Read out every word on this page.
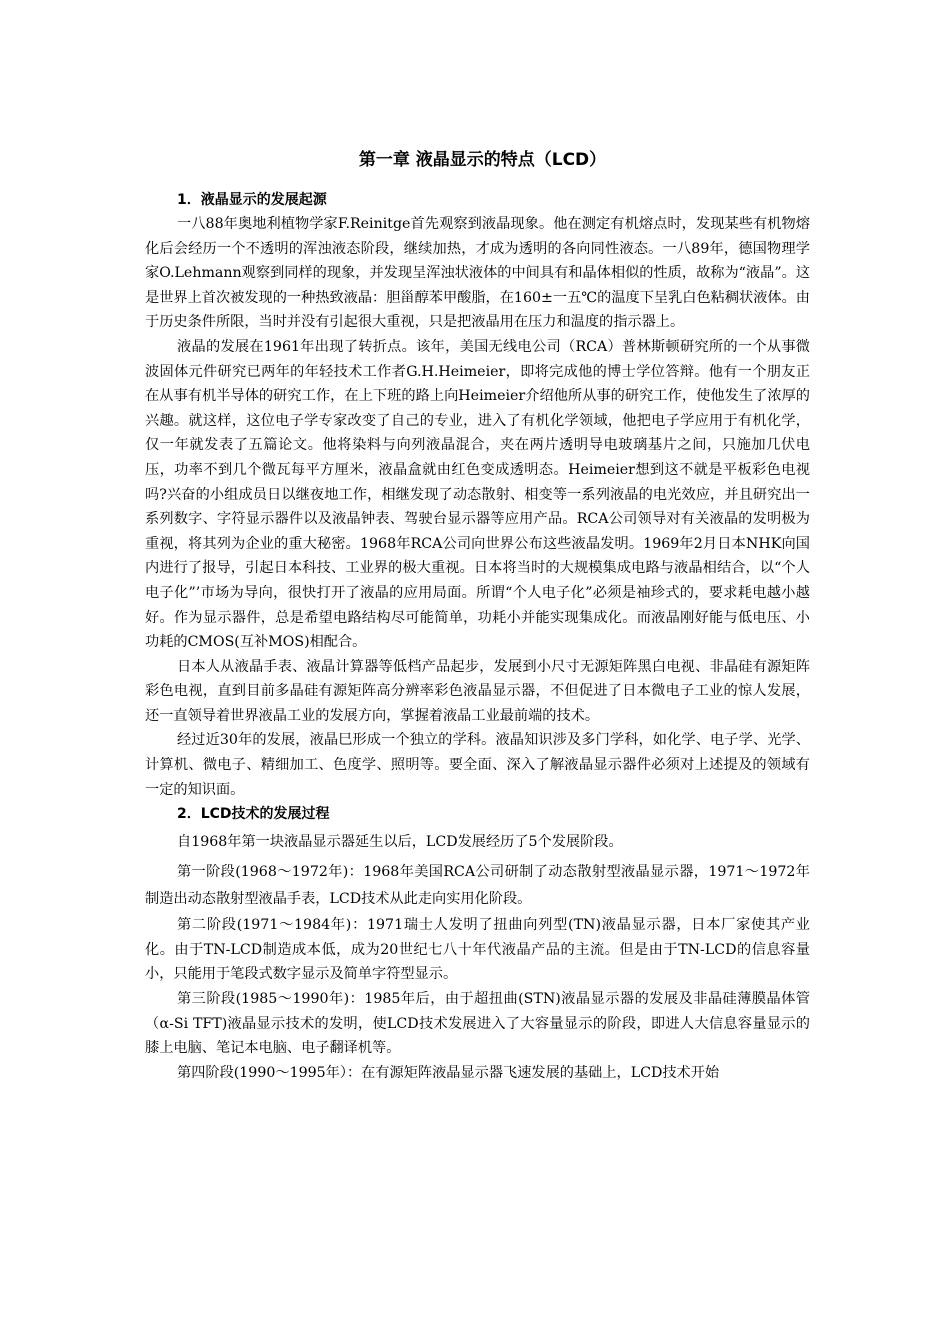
第一章 液晶显示的特点（LCD）
1．液晶显示的发展起源

一八88年奥地利植物学家F.Reinitge首先观察到液晶现象。他在测定有机熔点时，发现某些有机物熔化后会经历一个不透明的浑浊液态阶段，继续加热，才成为透明的各向同性液态。一八89年，德国物理学家O.Lehmann观察到同样的现象，并发现呈浑浊状液体的中间具有和晶体相似的性质，故称为“液晶”。这是世界上首次被发现的一种热致液晶：胆甾醇苯甲酸脂，在160±一五℃的温度下呈乳白色粘稠状液体。由于历史条件所限，当时并没有引起很大重视，只是把液晶用在压力和温度的指示器上。

液晶的发展在1961年出现了转折点。该年，美国无线电公司（RCA）普林斯顿研究所的一个从事微波固体元件研究已两年的年轻技术工作者G.H.Heimeier，即将完成他的博士学位答辩。他有一个朋友正在从事有机半导体的研究工作，在上下班的路上向Heimeier介绍他所从事的研究工作，使他发生了浓厚的兴趣。就这样，这位电子学专家改变了自己的专业，进入了有机化学领域，他把电子学应用于有机化学，仅一年就发表了五篇论文。他将染料与向列液晶混合，夹在两片透明导电玻璃基片之间，只施加几伏电压，功率不到几个微瓦每平方厘米，液晶盒就由红色变成透明态。Heimeier想到这不就是平板彩色电视吗?兴奋的小组成员日以继夜地工作，相继发现了动态散射、相变等一系列液晶的电光效应，并且研究出一系列数字、字符显示器件以及液晶钟表、驾驶台显示器等应用产品。RCA公司领导对有关液晶的发明极为重视，将其列为企业的重大秘密。1968年RCA公司向世界公布这些液晶发明。1969年2月日本NHK向国内进行了报导，引起日本科技、工业界的极大重视。日本将当时的大规模集成电路与液晶相结合，以“个人电子化”’市场为导向，很快打开了液晶的应用局面。所谓“个人电子化”必须是袖珍式的，要求耗电越小越好。作为显示器件，总是希望电路结构尽可能简单，功耗小并能实现集成化。而液晶刚好能与低电压、小功耗的CMOS(互补MOS)相配合。

日本人从液晶手表、液晶计算器等低档产品起步，发展到小尺寸无源矩阵黑白电视、非晶硅有源矩阵彩色电视，直到目前多晶硅有源矩阵高分辨率彩色液晶显示器，不但促进了日本微电子工业的惊人发展，还一直领导着世界液晶工业的发展方向，掌握着液晶工业最前端的技术。

经过近30年的发展，液晶巳形成一个独立的学科。液晶知识涉及多门学科，如化学、电子学、光学、计算机、微电子、精细加工、色度学、照明等。要全面、深入了解液晶显示器件必须对上述提及的领域有一定的知识面。

2．LCD技术的发展过程

自1968年第一块液晶显示器延生以后，LCD发展经历了5个发展阶段。

第一阶段(1968～1972年)：1968年美国RCA公司研制了动态散射型液晶显示器，1971～1972年制造出动态散射型液晶手表，LCD技术从此走向实用化阶段。

第二阶段(1971～1984年)：1971瑞士人发明了扭曲向列型(TN)液晶显示器，日本厂家使其产业化。由于TN-LCD制造成本低，成为20世纪七八十年代液晶产品的主流。但是由于TN-LCD的信息容量小，只能用于笔段式数字显示及简单字符型显示。

第三阶段(1985～1990年)：1985年后，由于超扭曲(STN)液晶显示器的发展及非晶硅薄膜晶体管（α-Si TFT)液晶显示技术的发明，使LCD技术发展进入了大容量显示的阶段，即进人大信息容量显示的膝上电脑、笔记本电脑、电子翻译机等。

第四阶段(1990～1995年）：在有源矩阵液晶显示器飞速发展的基础上，LCD技术开始
